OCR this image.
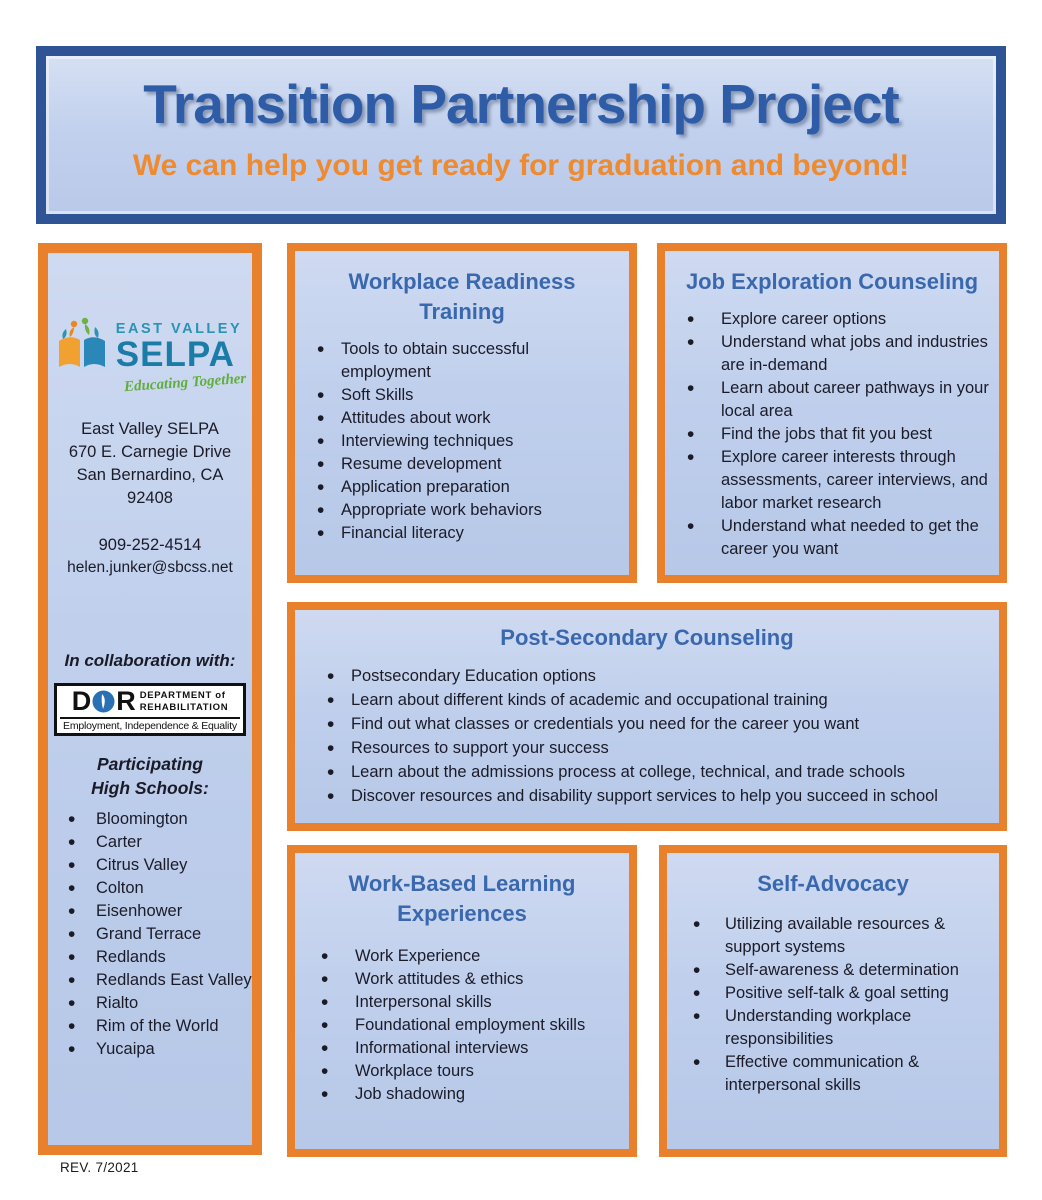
Transition Partnership Project
We can help you get ready for graduation and beyond!
EAST VALLEY
SELPA
Educating Together
East Valley SELPA
670 E. Carnegie Drive
San Bernardino, CA
92408
909-252-4514
helen.junker@sbcss.net
In collaboration with:
D R DEPARTMENT of
REHABILITATION
Employment, Independence & Equality
Participating
High Schools:
• Bloomington
• Carter
• Citrus Valley
• Colton
• Eisenhower
• Grand Terrace
• Redlands
• Redlands East Valley
• Rialto
• Rim of the World
• Yucaipa
Workplace Readiness Training
• Tools to obtain successful employment
• Soft Skills
• Attitudes about work
• Interviewing techniques
• Resume development
• Application preparation
• Appropriate work behaviors
• Financial literacy
Job Exploration Counseling
• Explore career options
• Understand what jobs and industries are in-demand
• Learn about career pathways in your local area
• Find the jobs that fit you best
• Explore career interests through assessments, career interviews, and labor market research
• Understand what needed to get the career you want
Post-Secondary Counseling
• Postsecondary Education options
• Learn about different kinds of academic and occupational training
• Find out what classes or credentials you need for the career you want
• Resources to support your success
• Learn about the admissions process at college, technical, and trade schools
• Discover resources and disability support services to help you succeed in school
Work-Based Learning Experiences
• Work Experience
• Work attitudes & ethics
• Interpersonal skills
• Foundational employment skills
• Informational interviews
• Workplace tours
• Job shadowing
Self-Advocacy
• Utilizing available resources & support systems
• Self-awareness & determination
• Positive self-talk & goal setting
• Understanding workplace responsibilities
• Effective communication & interpersonal skills
REV. 7/2021
